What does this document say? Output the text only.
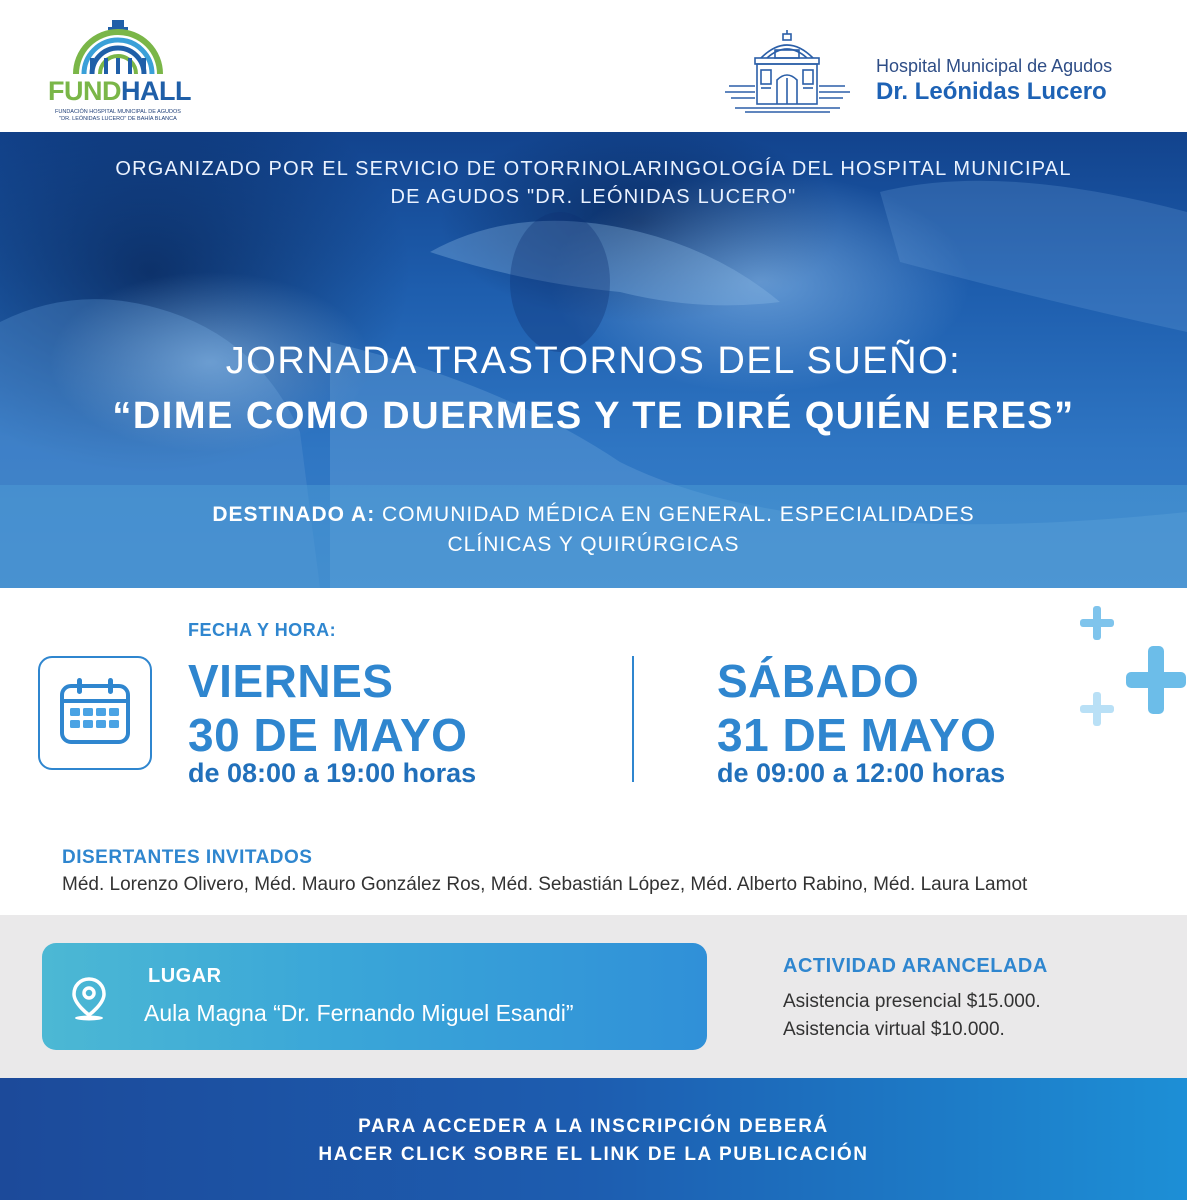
FUNDHALL
FUNDACIÓN HOSPITAL MUNICIPAL DE AGUDOS
"DR. LEÓNIDAS LUCERO" DE BAHÍA BLANCA
Hospital Municipal de Agudos
Dr. Leónidas Lucero
ORGANIZADO POR EL SERVICIO DE OTORRINOLARINGOLOGÍA DEL HOSPITAL MUNICIPAL
DE AGUDOS "DR. LEÓNIDAS LUCERO"
JORNADA TRASTORNOS DEL SUEÑO:
“DIME COMO DUERMES Y TE DIRÉ QUIÉN ERES”
DESTINADO A: COMUNIDAD MÉDICA EN GENERAL. ESPECIALIDADES
CLÍNICAS Y QUIRÚRGICAS
FECHA Y HORA:
VIERNES
30 DE MAYO
de 08:00 a 19:00 horas
SÁBADO
31 DE MAYO
de 09:00 a 12:00 horas
DISERTANTES INVITADOS
Méd. Lorenzo Olivero, Méd. Mauro González Ros, Méd. Sebastián López, Méd. Alberto Rabino, Méd. Laura Lamot
LUGAR
Aula Magna “Dr. Fernando Miguel Esandi”
ACTIVIDAD ARANCELADA
Asistencia presencial $15.000.
Asistencia virtual $10.000.
PARA ACCEDER A LA INSCRIPCIÓN DEBERÁ
HACER CLICK SOBRE EL LINK DE LA PUBLICACIÓN
